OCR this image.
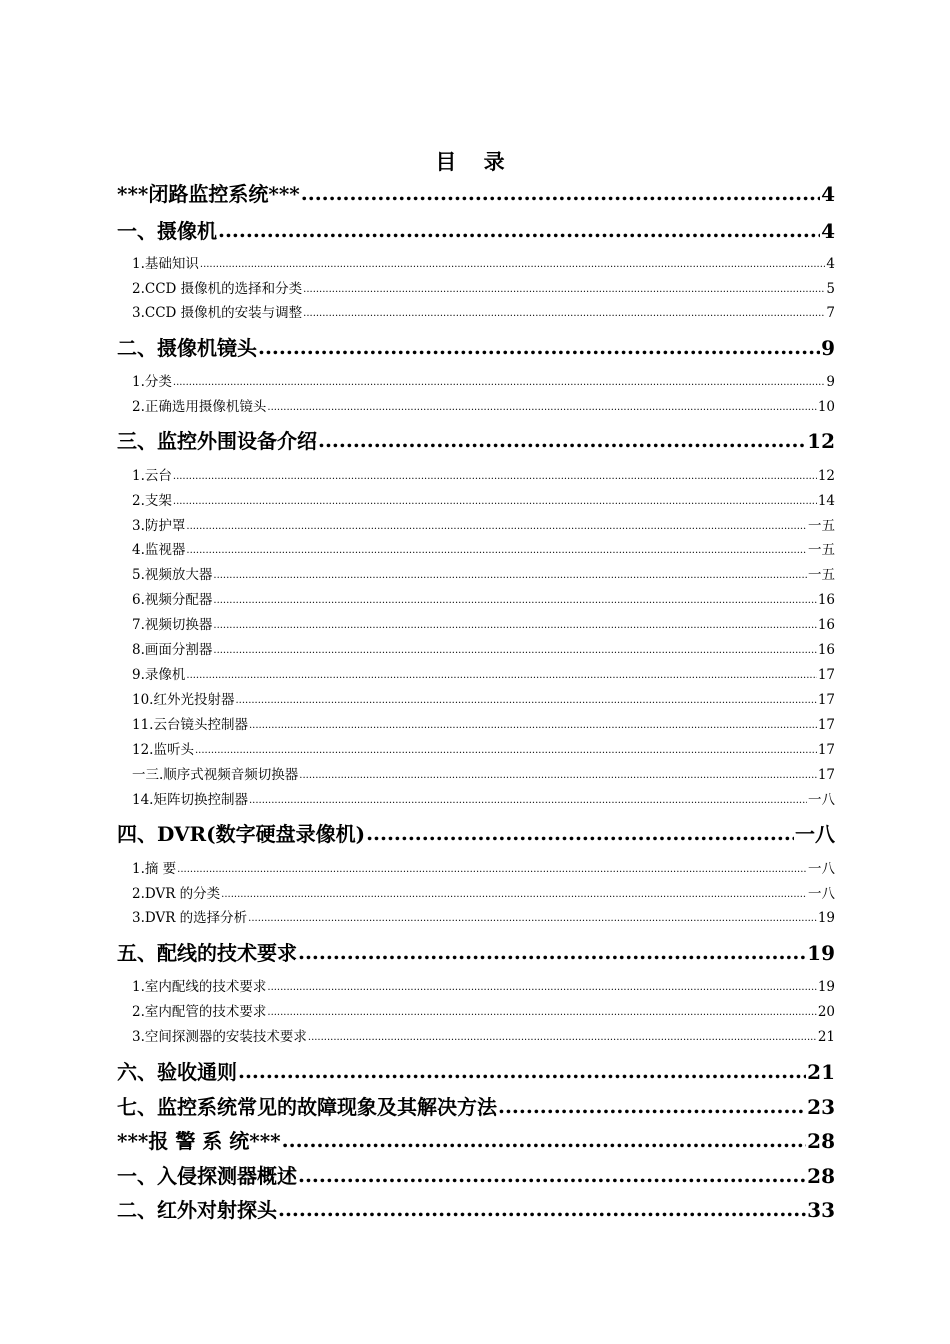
目 录
***闭路监控系统*** .....	4
一、摄像机 .....	4
1.基础知识 .....	4
2.CCD 摄像机的选择和分类 .....	5
3.CCD 摄像机的安装与调整 .....	7
二、摄像机镜头 .....	9
1.分类 .....	9
2.正确选用摄像机镜头 .....	10
三、监控外围设备介绍 .....	12
1.云台 .....	12
2.支架 .....	14
3.防护罩 .....	一五
4.监视器 .....	一五
5.视频放大器 .....	一五
6.视频分配器 .....	16
7.视频切换器 .....	16
8.画面分割器 .....	16
9.录像机 .....	17
10.红外光投射器 .....	17
11.云台镜头控制器 .....	17
12.监听头 .....	17
一三.顺序式视频音频切换器 .....	17
14.矩阵切换控制器 .....	一八
四、DVR(数字硬盘录像机) .....	一八
1.摘 要 .....	一八
2.DVR 的分类 .....	一八
3.DVR 的选择分析 .....	19
五、配线的技术要求 .....	19
1.室内配线的技术要求 .....	19
2.室内配管的技术要求 .....	20
3.空间探测器的安装技术要求 .....	21
六、验收通则 .....	21
七、监控系统常见的故障现象及其解决方法 .....	23
***报 警 系 统*** .....	28
一、入侵探测器概述 .....	28
二、红外对射探头 .....	33
